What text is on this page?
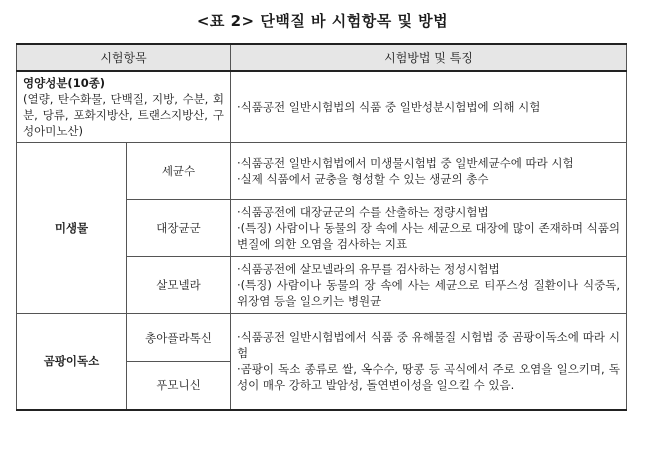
<표 2> 단백질 바 시험항목 및 방법
시험항목		시험방법 및 특징

영양성분(10종)
(열량, 탄수화물, 단백질, 지방, 수분, 회분, 당류, 포화지방산, 트랜스지방산, 구성아미노산)		·식품공전 일반시험법의 식품 중 일반성분시험법에 의해 시험

미생물	세균수	·식품공전 일반시험법에서 미생물시험법 중 일반세균수에 따라 시험

·실제 식품에서 균충을 형성할 수 있는 생균의 총수

	대장균군	·식품공전에 대장균군의 수를 산출하는 정량시험법

·(특징) 사람이나 동물의 장 속에 사는 세균으로 대장에 많이 존재하며 식품의 변질에 의한 오염을 검사하는 지표

	살모넬라	·식품공전에 살모넬라의 유무를 검사하는 정성시험법

·(특징) 사람이나 동물의 장 속에 사는 세균으로 티푸스성 질환이나 식중독, 위장염 등을 일으키는 병원균

곰팡이독소	총아플라톡신	·식품공전 일반시험법에서 식품 중 유해물질 시험법 중 곰팡이독소에 따라 시험

·곰팡이 독소 종류로 쌀, 옥수수, 땅콩 등 곡식에서 주로 오염을 일으키며, 독성이 매우 강하고 발암성, 돌연변이성을 일으킬 수 있음.

	푸모니신	
